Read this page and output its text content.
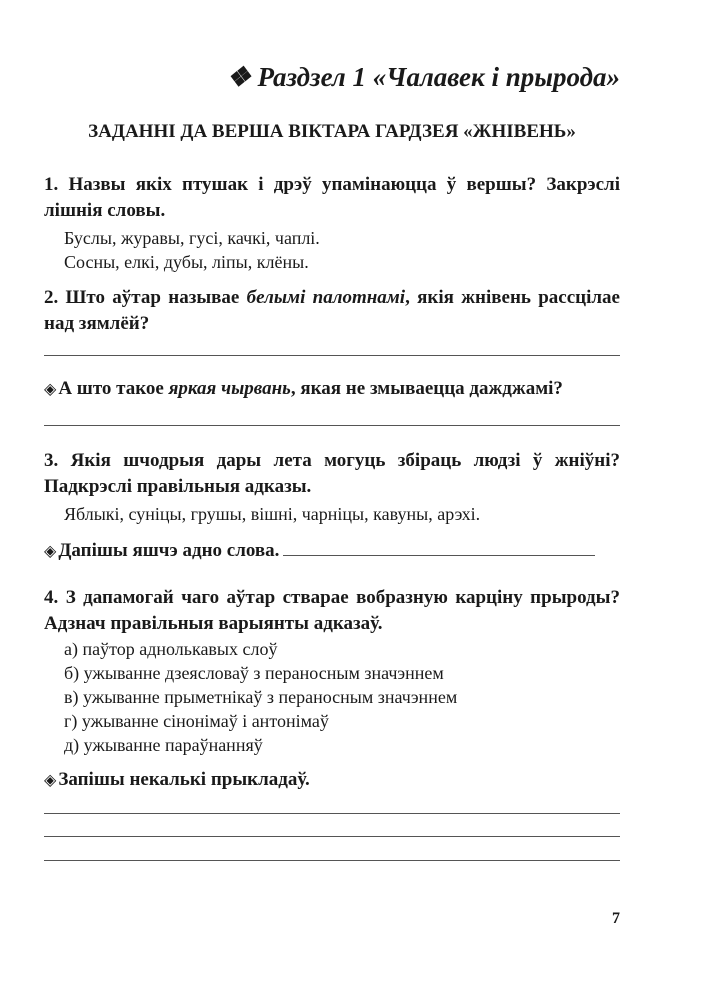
❖ Раздзел 1 «Чалавек і прырода»
ЗАДАННІ ДА ВЕРША ВІКТАРА ГАРДЗЕЯ «ЖНІВЕНЬ»
1. Назвы якіх птушак і дрэў упамінаюцца ў вершы? Закрэслі лішнія словы.
Буслы, журавы, гусі, качкі, чаплі.
Сосны, елкі, дубы, ліпы, клёны.
2. Што аўтар называе белымі палотнамі, якія жнівень рассцілае над зямлёй?
◈ А што такое яркая чырвань, якая не змываецца дажджамі?
3. Якія шчодрыя дары лета могуць збіраць людзі ў жніўні? Падкрэслі правільныя адказы.
Яблыкі, суніцы, грушы, вішні, чарніцы, кавуны, арэхі.
◈ Дапішы яшчэ адно слова.
4. З дапамогай чаго аўтар стварае вобразную карціну прыроды? Адзнач правільныя варыянты адказаў.
а) паўтор аднолькавых слоў
б) ужыванне дзеясловаў з пераносным значэннем
в) ужыванне прыметнікаў з пераносным значэннем
г) ужыванне сінонімаў і антонімаў
д) ужыванне параўнанняў
◈ Запішы некалькі прыкладаў.
7
